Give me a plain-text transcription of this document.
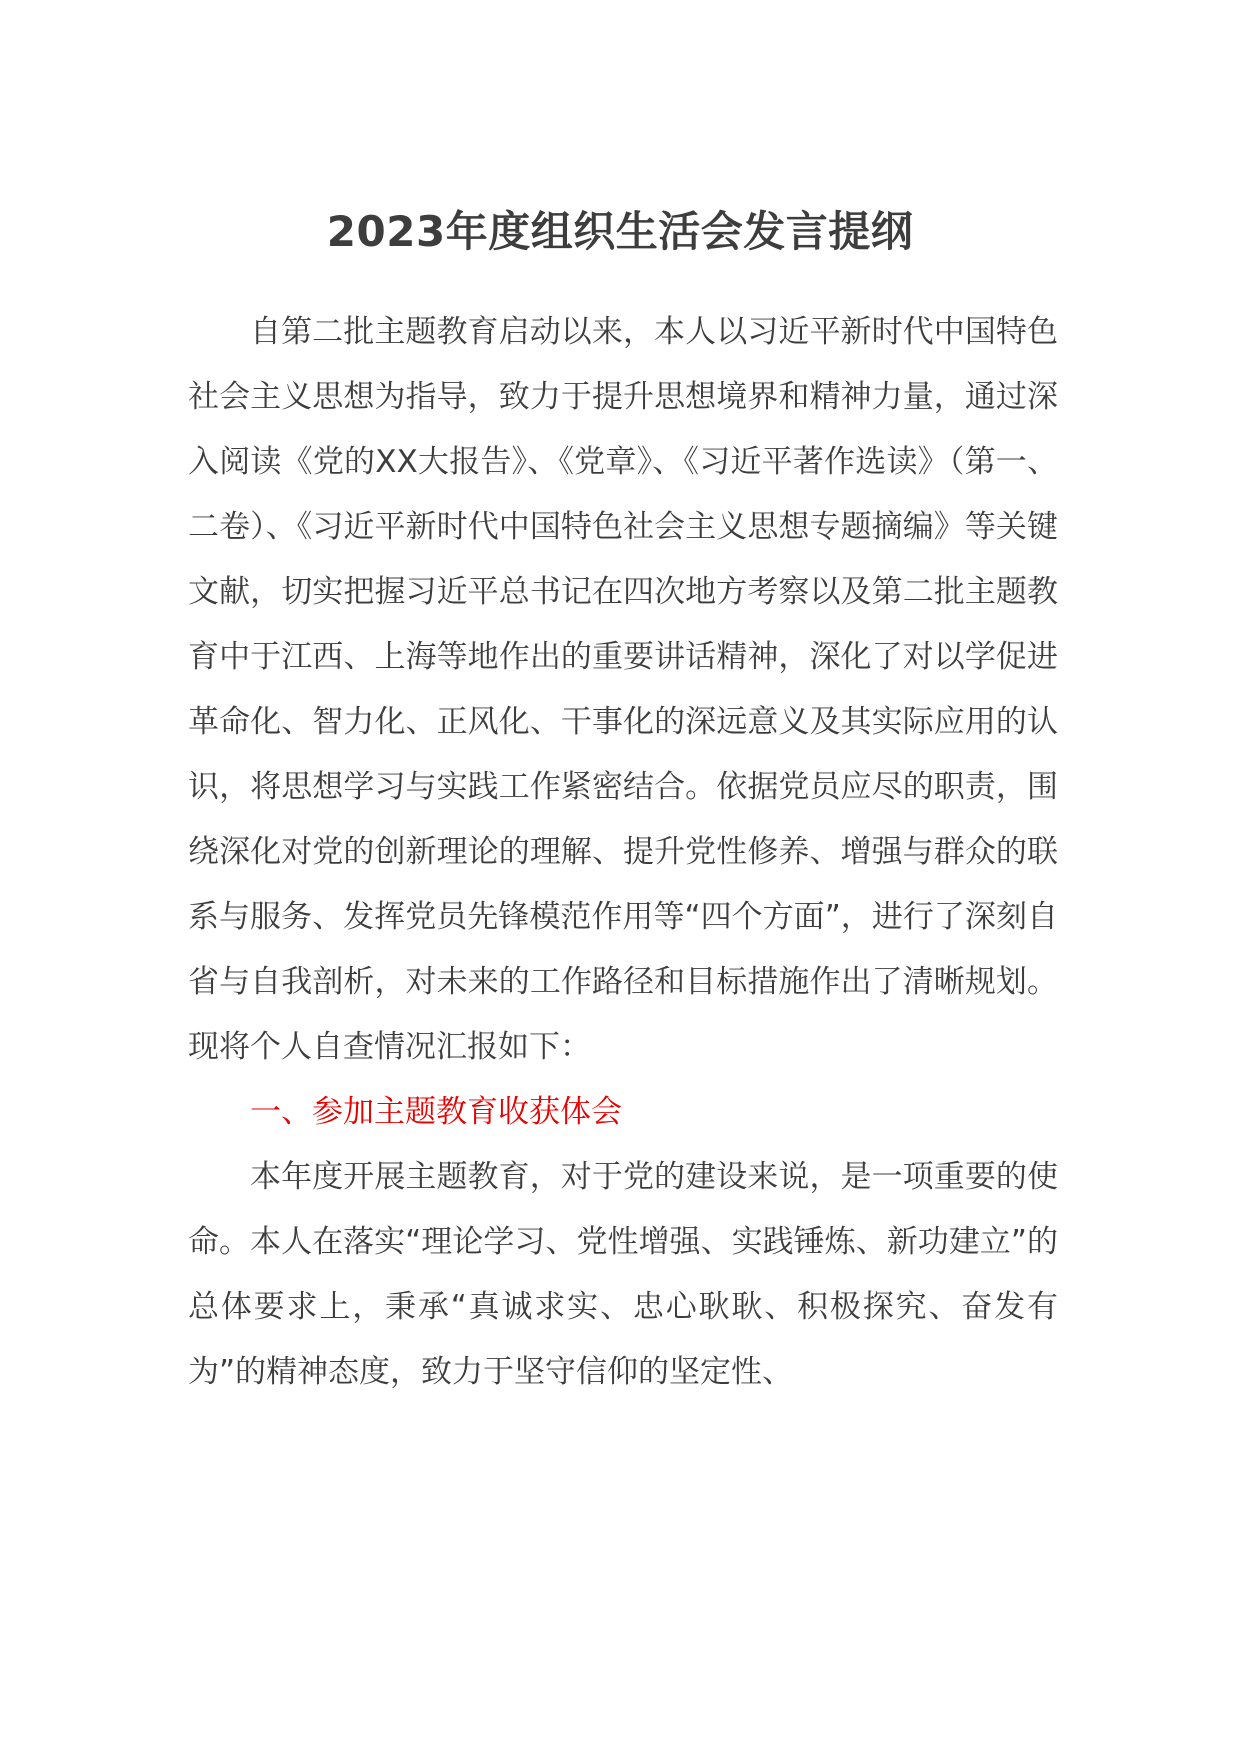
2023年度组织生活会发言提纲

自第二批主题教育启动以来，本人以习近平新时代中国特色社会主义思想为指导，致力于提升思想境界和精神力量，通过深入阅读《党的XX大报告》、《党章》、《习近平著作选读》（第一、二卷）、《习近平新时代中国特色社会主义思想专题摘编》等关键文献，切实把握习近平总书记在四次地方考察以及第二批主题教育中于江西、上海等地作出的重要讲话精神，深化了对以学促进革命化、智力化、正风化、干事化的深远意义及其实际应用的认识，将思想学习与实践工作紧密结合。依据党员应尽的职责，围绕深化对党的创新理论的理解、提升党性修养、增强与群众的联系与服务、发挥党员先锋模范作用等“四个方面”，进行了深刻自省与自我剖析，对未来的工作路径和目标措施作出了清晰规划。现将个人自查情况汇报如下：

一、参加主题教育收获体会

本年度开展主题教育，对于党的建设来说，是一项重要的使命。本人在落实“理论学习、党性增强、实践锤炼、新功建立”的总体要求上，秉承“真诚求实、忠心耿耿、积极探究、奋发有为”的精神态度，致力于坚守信仰的坚定性、
